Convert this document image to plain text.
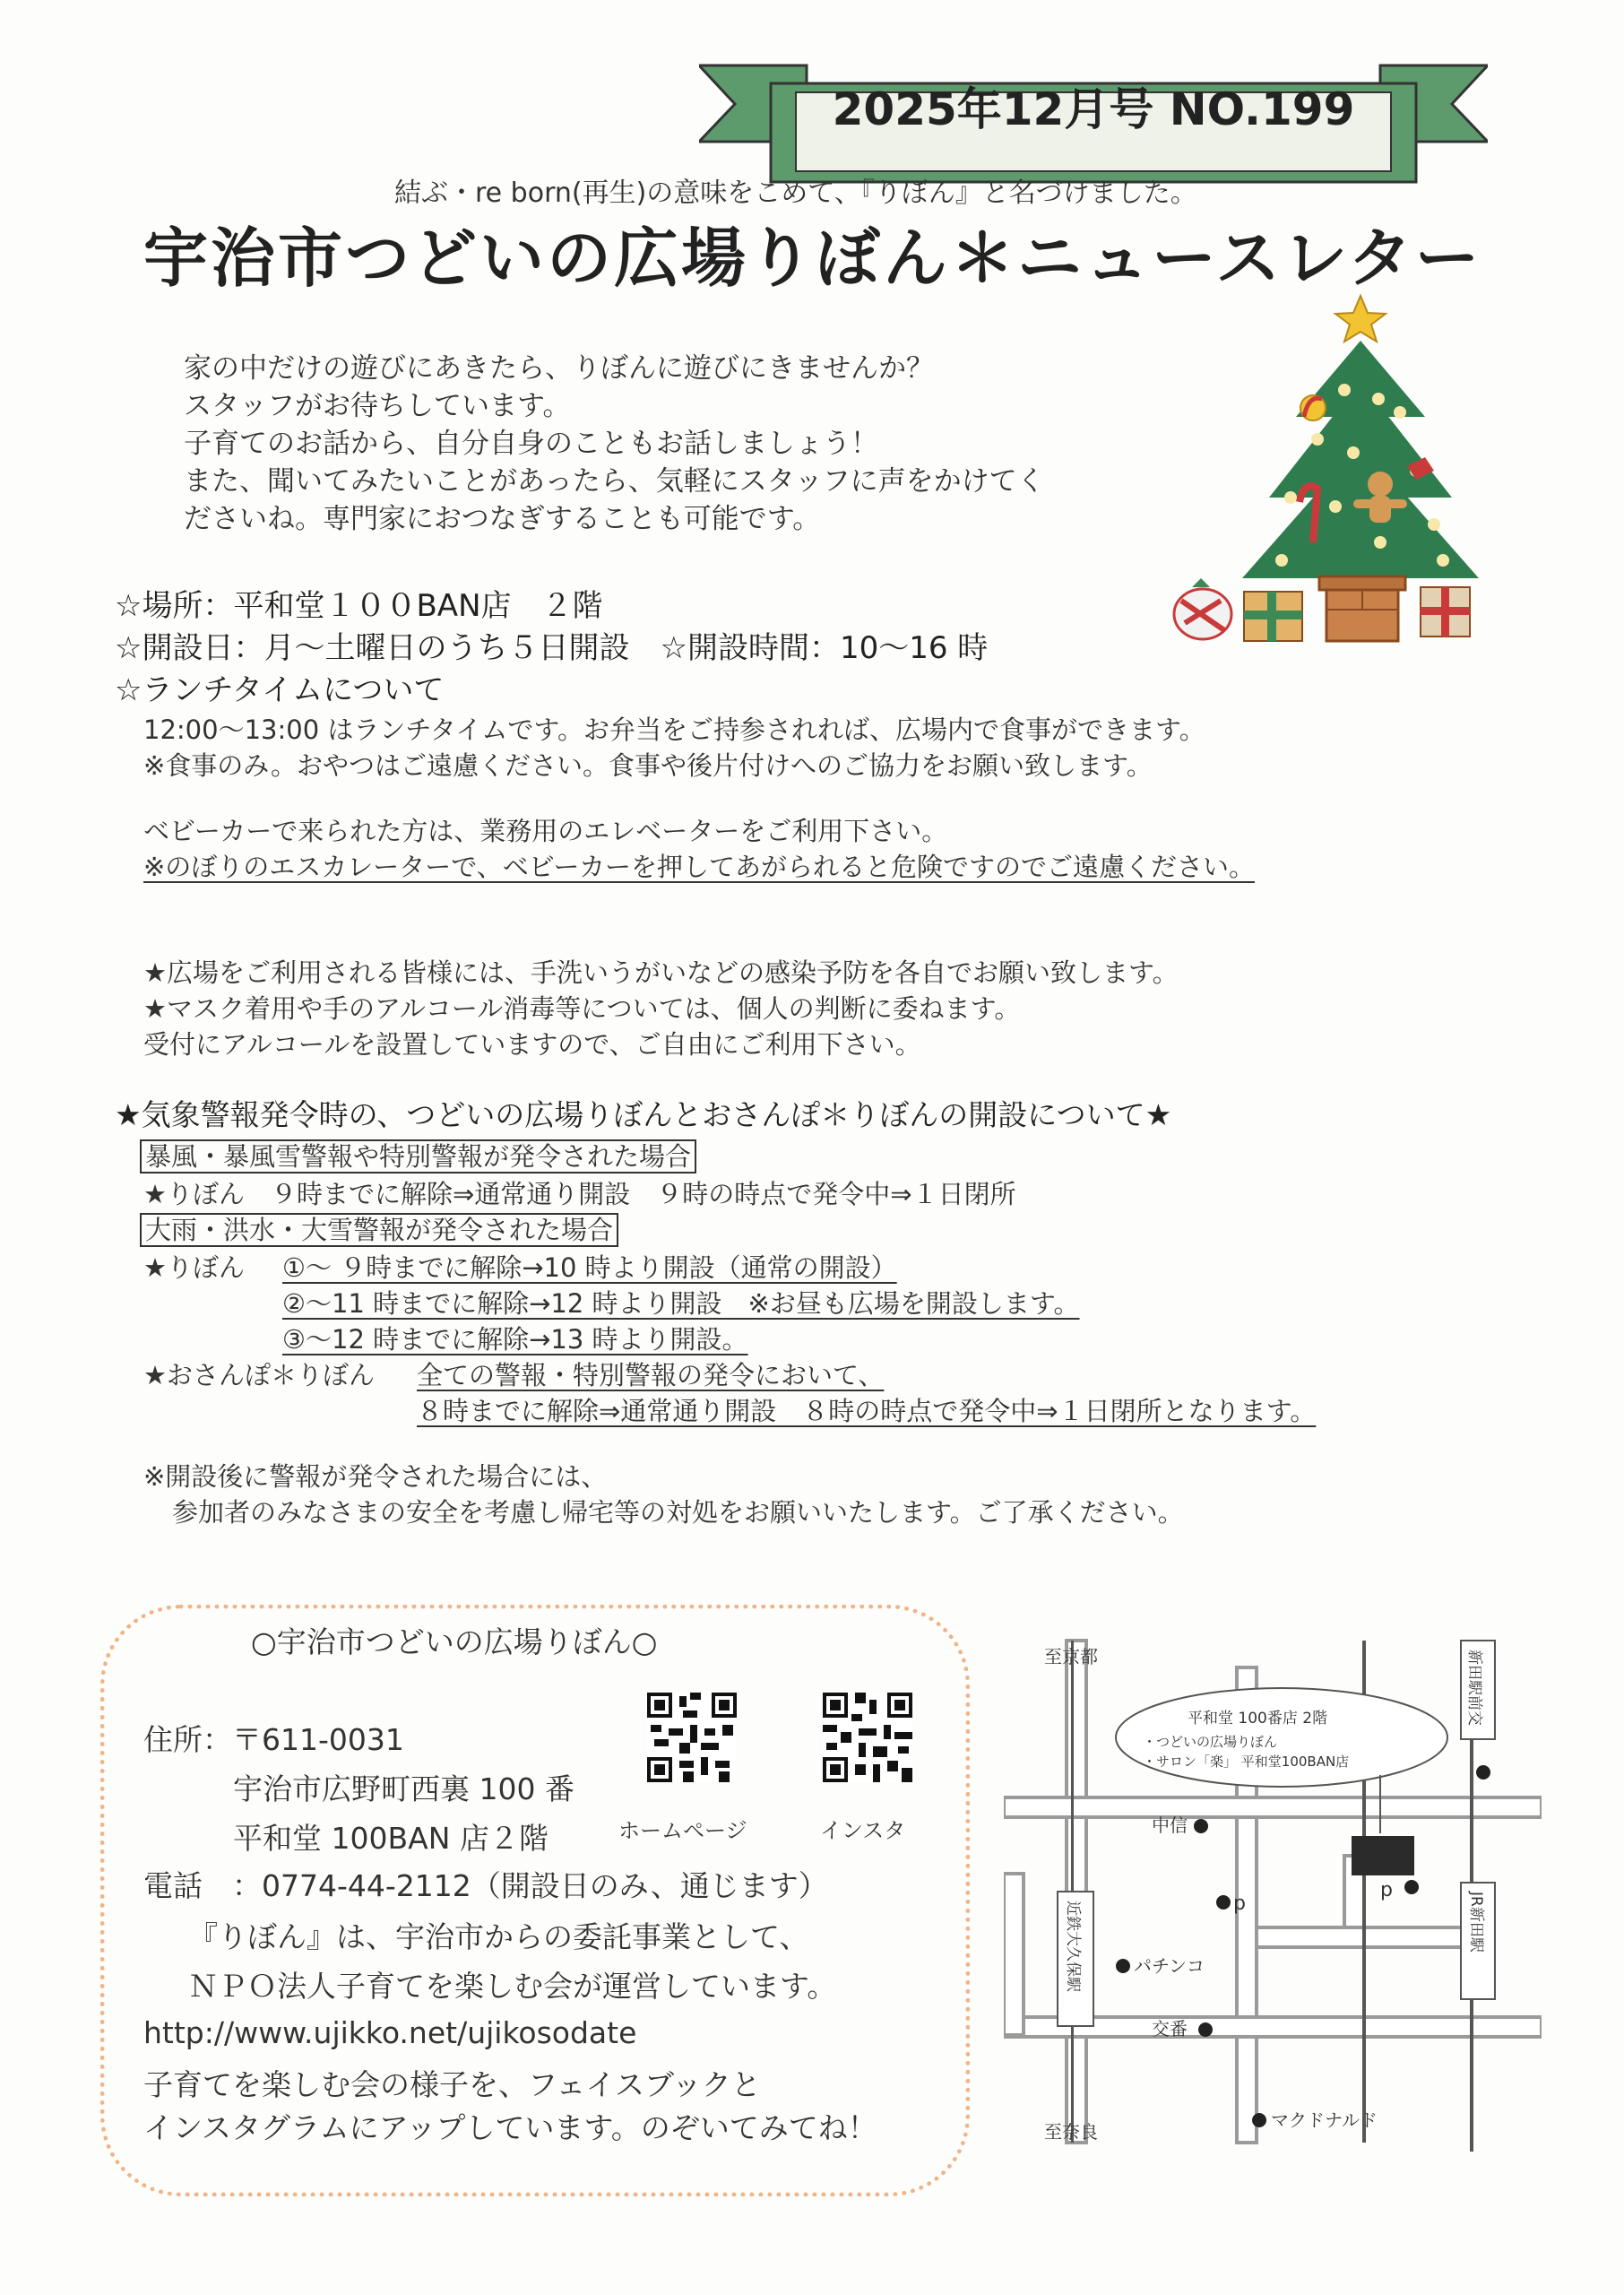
2025年12月号 NO.199
結ぶ・re born(再生)の意味をこめて、『りぼん』と名づけました。
宇治市つどいの広場りぼん＊ニュースレター
家の中だけの遊びにあきたら、りぼんに遊びにきませんか？
スタッフがお待ちしています。
子育てのお話から、自分自身のこともお話しましょう！
また、聞いてみたいことがあったら、気軽にスタッフに声をかけてく
ださいね。専門家におつなぎすることも可能です。
☆場所：平和堂１００BAN店　２階
☆開設日：月～土曜日のうち５日開設　☆開設時間：10～16 時
☆ランチタイムについて
12:00～13:00 はランチタイムです。お弁当をご持参されれば、広場内で食事ができます。
※食事のみ。おやつはご遠慮ください。食事や後片付けへのご協力をお願い致します。
ベビーカーで来られた方は、業務用のエレベーターをご利用下さい。
※のぼりのエスカレーターで、ベビーカーを押してあがられると危険ですのでご遠慮ください。
★広場をご利用される皆様には、手洗いうがいなどの感染予防を各自でお願い致します。
★マスク着用や手のアルコール消毒等については、個人の判断に委ねます。
受付にアルコールを設置していますので、ご自由にご利用下さい。
★気象警報発令時の、つどいの広場りぼんとおさんぽ＊りぼんの開設について★
暴風・暴風雪警報や特別警報が発令された場合
★りぼん　９時までに解除⇒通常通り開設　９時の時点で発令中⇒１日閉所
大雨・洪水・大雪警報が発令された場合
★りぼん ①～ ９時までに解除→10 時より開設（通常の開設）
②～11 時までに解除→12 時より開設　※お昼も広場を開設します。
③～12 時までに解除→13 時より開設。
★おさんぽ＊りぼん 全ての警報・特別警報の発令において、
８時までに解除⇒通常通り開設　８時の時点で発令中⇒１日閉所となります。
※開設後に警報が発令された場合には、
参加者のみなさまの安全を考慮し帰宅等の対処をお願いいたします。ご了承ください。
○宇治市つどいの広場りぼん○
住所：〒611-0031
宇治市広野町西裏 100 番
平和堂 100BAN 店２階
電話　：0774-44-2112（開設日のみ、通じます）
『りぼん』は、宇治市からの委託事業として、
ＮＰＯ法人子育てを楽しむ会が運営しています。
http://www.ujikko.net/ujikosodate
子育てを楽しむ会の様子を、フェイスブックと
インスタグラムにアップしています。のぞいてみてね！
ホームページ	インスタ
至京都
至奈良
平和堂 100番店 2階
・つどいの広場りぼん
・サロン「楽」 平和堂100BAN店
中信
パチンコ
交番
マクドナルド
p
p
新田駅前交
近鉄大久保駅	JR新田駅
